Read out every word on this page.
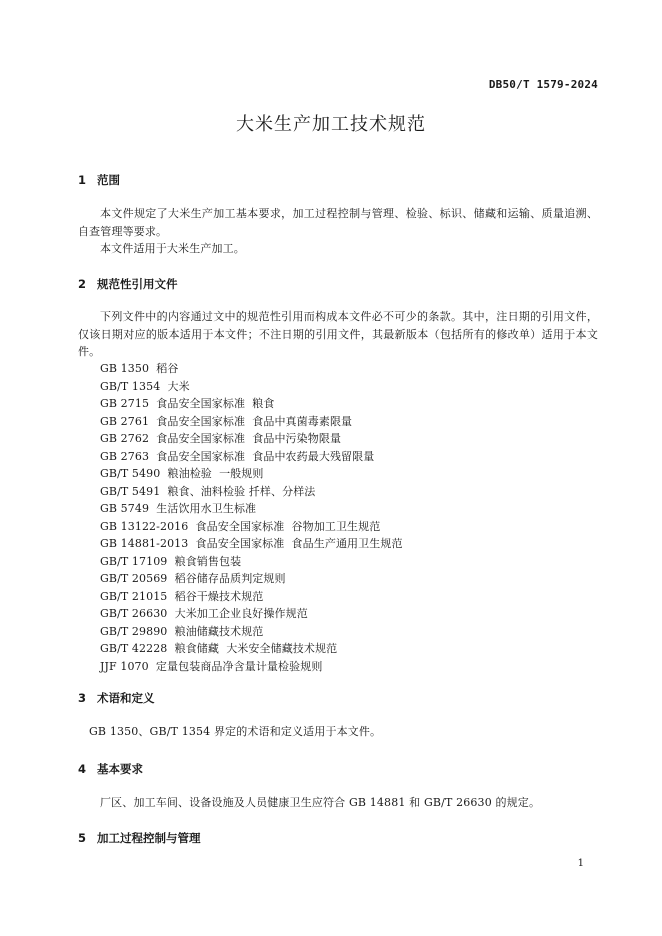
DB50/T 1579-2024
大米生产加工技术规范
1 范围

本文件规定了大米生产加工基本要求，加工过程控制与管理、检验、标识、储藏和运输、质量追溯、自查管理等要求。

本文件适用于大米生产加工。

2 规范性引用文件

下列文件中的内容通过文中的规范性引用而构成本文件必不可少的条款。其中，注日期的引用文件，仅该日期对应的版本适用于本文件；不注日期的引用文件，其最新版本（包括所有的修改单）适用于本文件。

GB 1350  稻谷
GB/T 1354  大米
GB 2715  食品安全国家标准  粮食
GB 2761  食品安全国家标准  食品中真菌毒素限量
GB 2762  食品安全国家标准  食品中污染物限量
GB 2763  食品安全国家标准  食品中农药最大残留限量
GB/T 5490  粮油检验  一般规则
GB/T 5491  粮食、油料检验 扦样、分样法
GB 5749  生活饮用水卫生标准
GB 13122-2016  食品安全国家标准  谷物加工卫生规范
GB 14881-2013  食品安全国家标准  食品生产通用卫生规范
GB/T 17109  粮食销售包装
GB/T 20569  稻谷储存品质判定规则
GB/T 21015  稻谷干燥技术规范
GB/T 26630  大米加工企业良好操作规范
GB/T 29890  粮油储藏技术规范
GB/T 42228  粮食储藏  大米安全储藏技术规范
JJF 1070  定量包装商品净含量计量检验规则
3 术语和定义

GB 1350、GB/T 1354 界定的术语和定义适用于本文件。

4 基本要求

厂区、加工车间、设备设施及人员健康卫生应符合 GB 14881 和 GB/T 26630 的规定。

5 加工过程控制与管理
1
